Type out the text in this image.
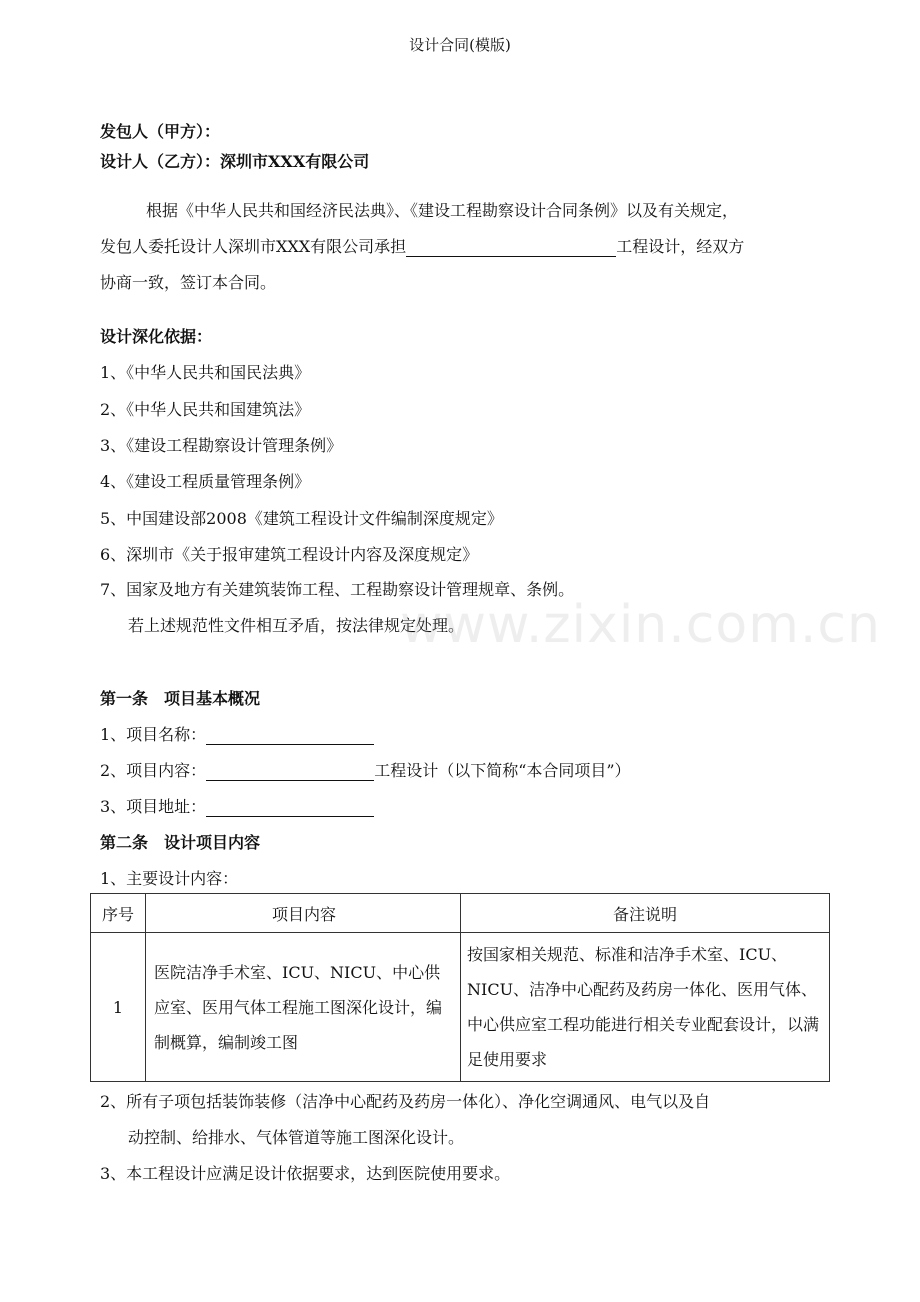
设计合同(模版)
发包人（甲方）：
设计人（乙方）：深圳市XXX有限公司
根据《中华人民共和国经济民法典》、《建设工程勘察设计合同条例》以及有关规定，
发包人委托设计人深圳市XXX有限公司承担	工程设计，经双方
协商一致，签订本合同。
设计深化依据：
1、《中华人民共和国民法典》
2、《中华人民共和国建筑法》
3、《建设工程勘察设计管理条例》
4、《建设工程质量管理条例》
5、中国建设部2008《建筑工程设计文件编制深度规定》
6、深圳市《关于报审建筑工程设计内容及深度规定》
7、国家及地方有关建筑装饰工程、工程勘察设计管理规章、条例。
若上述规范性文件相互矛盾，按法律规定处理。
www.zixin.com.cn
第一条　项目基本概况
1、项目名称：
2、项目内容：	工程设计（以下简称“本合同项目”）
3、项目地址：
第二条　设计项目内容
1、主要设计内容：
序号	项目内容	备注说明
1	医院洁净手术室、ICU、NICU、中心供应室、医用气体工程施工图深化设计，编制概算，编制竣工图	按国家相关规范、标准和洁净手术室、ICU、NICU、洁净中心配药及药房一体化、医用气体、中心供应室工程功能进行相关专业配套设计，以满足使用要求
2、所有子项包括装饰装修（洁净中心配药及药房一体化）、净化空调通风、电气以及自
动控制、给排水、气体管道等施工图深化设计。
3、本工程设计应满足设计依据要求，达到医院使用要求。
